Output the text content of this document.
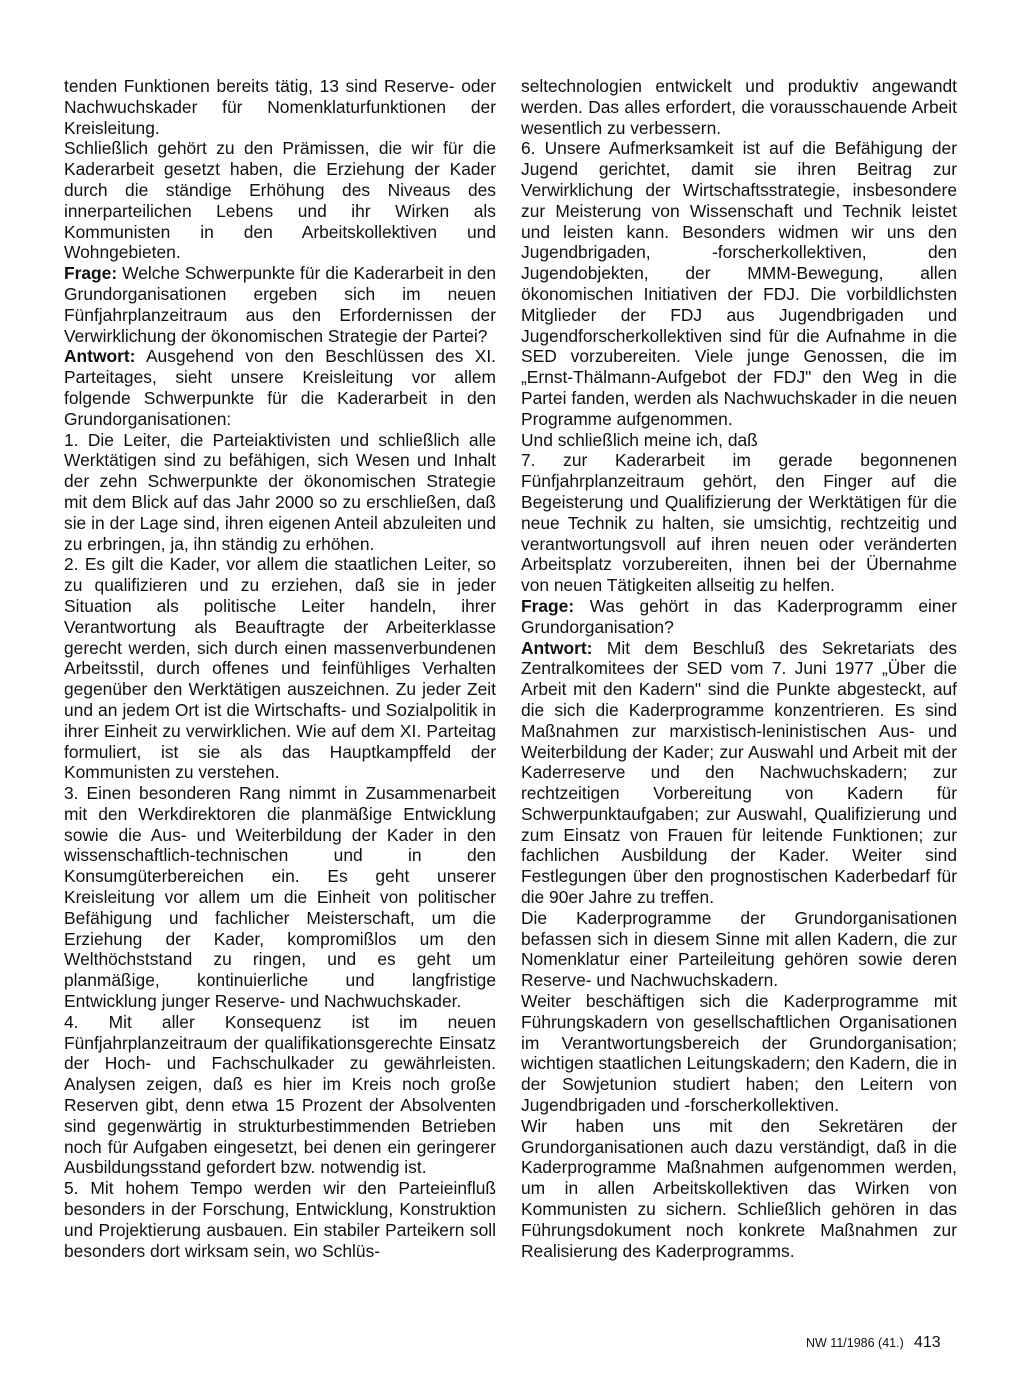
tenden Funktionen bereits tätig, 13 sind Reserve- oder Nachwuchskader für Nomenklaturfunktionen der Kreisleitung.

Schließlich gehört zu den Prämissen, die wir für die Kaderarbeit gesetzt haben, die Erziehung der Kader durch die ständige Erhöhung des Niveaus des innerparteilichen Lebens und ihr Wirken als Kommunisten in den Arbeitskollektiven und Wohngebieten.

Frage: Welche Schwerpunkte für die Kaderarbeit in den Grundorganisationen ergeben sich im neuen Fünfjahrplanzeitraum aus den Erfordernissen der Verwirklichung der ökonomischen Strategie der Partei?

Antwort: Ausgehend von den Beschlüssen des XI. Parteitages, sieht unsere Kreisleitung vor allem folgende Schwerpunkte für die Kaderarbeit in den Grundorganisationen:

1. Die Leiter, die Parteiaktivisten und schließlich alle Werktätigen sind zu befähigen, sich Wesen und Inhalt der zehn Schwerpunkte der ökonomischen Strategie mit dem Blick auf das Jahr 2000 so zu erschließen, daß sie in der Lage sind, ihren eigenen Anteil abzuleiten und zu erbringen, ja, ihn ständig zu erhöhen.

2. Es gilt die Kader, vor allem die staatlichen Leiter, so zu qualifizieren und zu erziehen, daß sie in jeder Situation als politische Leiter handeln, ihrer Verantwortung als Beauftragte der Arbeiterklasse gerecht werden, sich durch einen massenverbundenen Arbeitsstil, durch offenes und feinfühliges Verhalten gegenüber den Werktätigen auszeichnen. Zu jeder Zeit und an jedem Ort ist die Wirtschafts- und Sozialpolitik in ihrer Einheit zu verwirklichen. Wie auf dem XI. Parteitag formuliert, ist sie als das Hauptkampffeld der Kommunisten zu verstehen.

3. Einen besonderen Rang nimmt in Zusammenarbeit mit den Werkdirektoren die planmäßige Entwicklung sowie die Aus- und Weiterbildung der Kader in den wissenschaftlich-technischen und in den Konsumgüterbereichen ein. Es geht unserer Kreisleitung vor allem um die Einheit von politischer Befähigung und fachlicher Meisterschaft, um die Erziehung der Kader, kompromißlos um den Welthöchststand zu ringen, und es geht um planmäßige, kontinuierliche und langfristige Entwicklung junger Reserve- und Nachwuchskader.

4. Mit aller Konsequenz ist im neuen Fünfjahrplanzeitraum der qualifikationsgerechte Einsatz der Hoch- und Fachschulkader zu gewährleisten. Analysen zeigen, daß es hier im Kreis noch große Reserven gibt, denn etwa 15 Prozent der Absolventen sind gegenwärtig in strukturbestimmenden Betrieben noch für Aufgaben eingesetzt, bei denen ein geringerer Ausbildungsstand gefordert bzw. notwendig ist.

5. Mit hohem Tempo werden wir den Parteieinfluß besonders in der Forschung, Entwicklung, Konstruktion und Projektierung ausbauen. Ein stabiler Parteikern soll besonders dort wirksam sein, wo Schlüs-

seltechnologien entwickelt und produktiv angewandt werden. Das alles erfordert, die vorausschauende Arbeit wesentlich zu verbessern.

6. Unsere Aufmerksamkeit ist auf die Befähigung der Jugend gerichtet, damit sie ihren Beitrag zur Verwirklichung der Wirtschaftsstrategie, insbesondere zur Meisterung von Wissenschaft und Technik leistet und leisten kann. Besonders widmen wir uns den Jugendbrigaden, -forscherkollektiven, den Jugendobjekten, der MMM-Bewegung, allen ökonomischen Initiativen der FDJ. Die vorbildlichsten Mitglieder der FDJ aus Jugendbrigaden und Jugendforscherkollektiven sind für die Aufnahme in die SED vorzubereiten. Viele junge Genossen, die im „Ernst-Thälmann-Aufgebot der FDJ" den Weg in die Partei fanden, werden als Nachwuchskader in die neuen Programme aufgenommen.

Und schließlich meine ich, daß

7. zur Kaderarbeit im gerade begonnenen Fünfjahrplanzeitraum gehört, den Finger auf die Begeisterung und Qualifizierung der Werktätigen für die neue Technik zu halten, sie umsichtig, rechtzeitig und verantwortungsvoll auf ihren neuen oder veränderten Arbeitsplatz vorzubereiten, ihnen bei der Übernahme von neuen Tätigkeiten allseitig zu helfen.

Frage: Was gehört in das Kaderprogramm einer Grundorganisation?

Antwort: Mit dem Beschluß des Sekretariats des Zentralkomitees der SED vom 7. Juni 1977 „Über die Arbeit mit den Kadern" sind die Punkte abgesteckt, auf die sich die Kaderprogramme konzentrieren. Es sind Maßnahmen zur marxistisch-leninistischen Aus- und Weiterbildung der Kader; zur Auswahl und Arbeit mit der Kaderreserve und den Nachwuchskadern; zur rechtzeitigen Vorbereitung von Kadern für Schwerpunktaufgaben; zur Auswahl, Qualifizierung und zum Einsatz von Frauen für leitende Funktionen; zur fachlichen Ausbildung der Kader. Weiter sind Festlegungen über den prognostischen Kaderbedarf für die 90er Jahre zu treffen.

Die Kaderprogramme der Grundorganisationen befassen sich in diesem Sinne mit allen Kadern, die zur Nomenklatur einer Parteileitung gehören sowie deren Reserve- und Nachwuchskadern.

Weiter beschäftigen sich die Kaderprogramme mit Führungskadern von gesellschaftlichen Organisationen im Verantwortungsbereich der Grundorganisation; wichtigen staatlichen Leitungskadern; den Kadern, die in der Sowjetunion studiert haben; den Leitern von Jugendbrigaden und -forscherkollektiven.

Wir haben uns mit den Sekretären der Grundorganisationen auch dazu verständigt, daß in die Kaderprogramme Maßnahmen aufgenommen werden, um in allen Arbeitskollektiven das Wirken von Kommunisten zu sichern. Schließlich gehören in das Führungsdokument noch konkrete Maßnahmen zur Realisierung des Kaderprogramms.

NW 11/1986 (41.) 413
